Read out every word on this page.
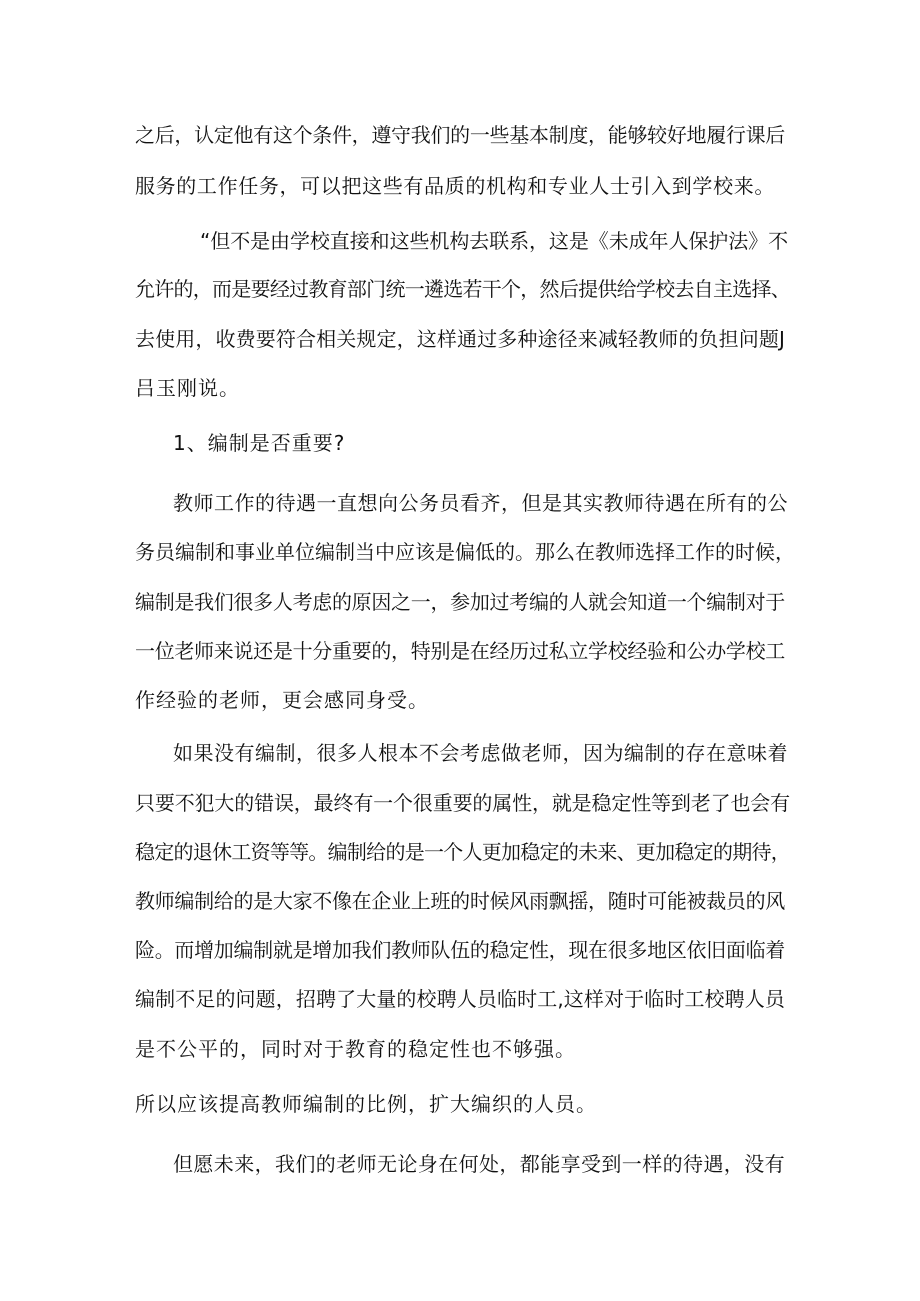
之后，认定他有这个条件，遵守我们的一些基本制度，能够较好地履行课后
服务的工作任务，可以把这些有品质的机构和专业人士引入到学校来。
“但不是由学校直接和这些机构去联系，这是《未成年人保护法》不
允许的，而是要经过教育部门统一遴选若干个，然后提供给学校去自主选择、
去使用，收费要符合相关规定，这样通过多种途径来减轻教师的负担问题J
吕玉刚说。
1、编制是否重要?
教师工作的待遇一直想向公务员看齐，但是其实教师待遇在所有的公
务员编制和事业单位编制当中应该是偏低的。那么在教师选择工作的时候，
编制是我们很多人考虑的原因之一，参加过考编的人就会知道一个编制对于
一位老师来说还是十分重要的，特别是在经历过私立学校经验和公办学校工
作经验的老师，更会感同身受。
如果没有编制，很多人根本不会考虑做老师，因为编制的存在意味着
只要不犯大的错误，最终有一个很重要的属性，就是稳定性等到老了也会有
稳定的退休工资等等。编制给的是一个人更加稳定的未来、更加稳定的期待，
教师编制给的是大家不像在企业上班的时候风雨飘摇，随时可能被裁员的风
险。而增加编制就是增加我们教师队伍的稳定性，现在很多地区依旧面临着
编制不足的问题，招聘了大量的校聘人员临时工,这样对于临时工校聘人员
是不公平的，同时对于教育的稳定性也不够强。
所以应该提高教师编制的比例，扩大编织的人员。
但愿未来，我们的老师无论身在何处，都能享受到一样的待遇，没有
